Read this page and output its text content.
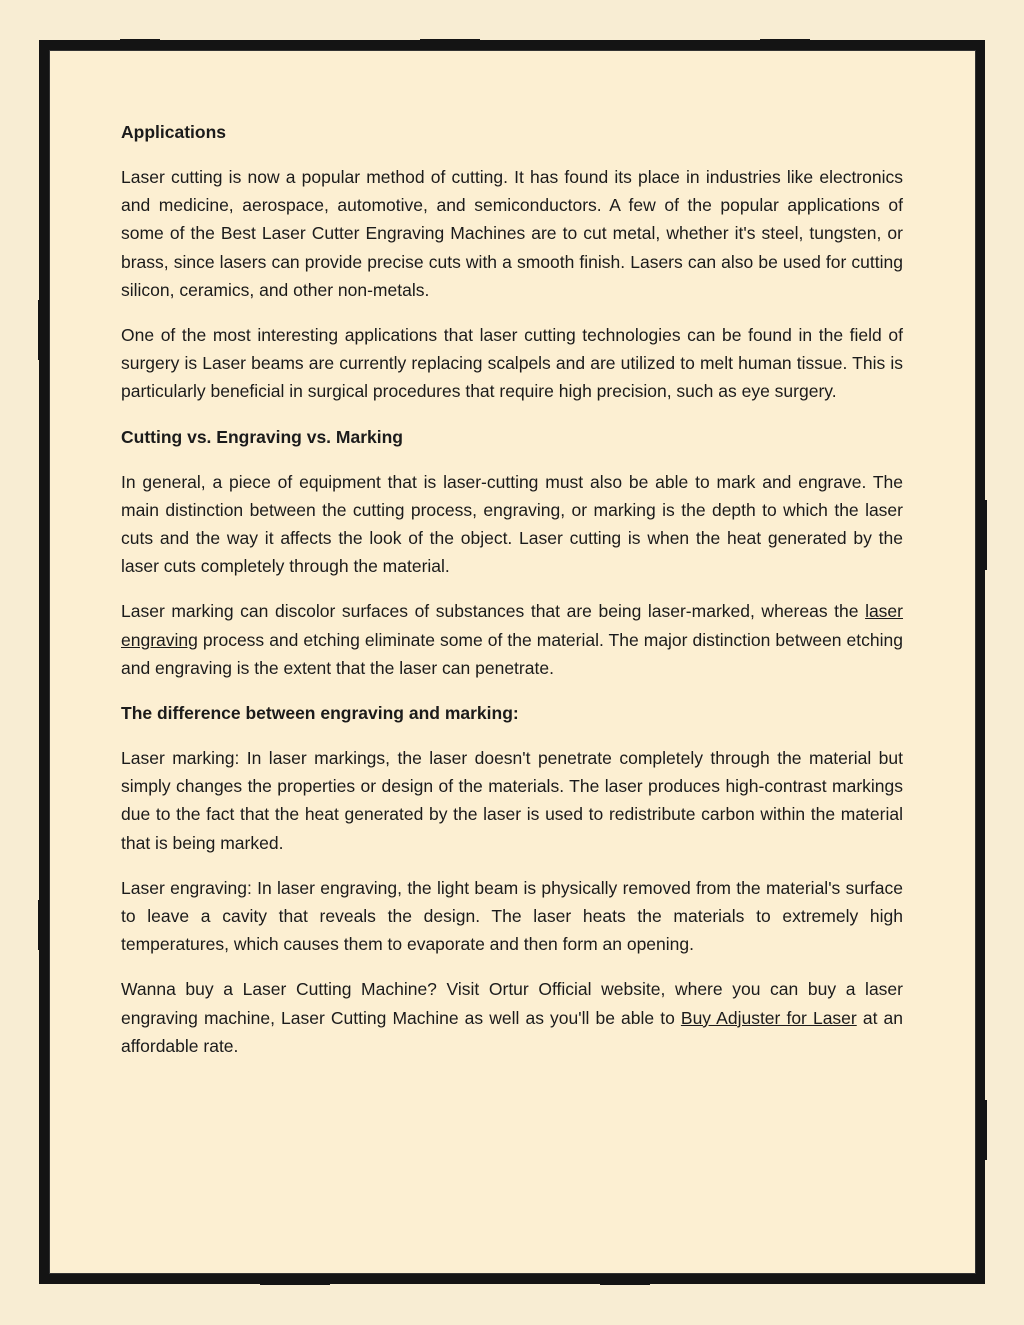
Applications

Laser cutting is now a popular method of cutting. It has found its place in industries like electronics and medicine, aerospace, automotive, and semiconductors. A few of the popular applications of some of the Best Laser Cutter Engraving Machines are to cut metal, whether it's steel, tungsten, or brass, since lasers can provide precise cuts with a smooth finish. Lasers can also be used for cutting silicon, ceramics, and other non-metals.

One of the most interesting applications that laser cutting technologies can be found in the field of surgery is Laser beams are currently replacing scalpels and are utilized to melt human tissue. This is particularly beneficial in surgical procedures that require high precision, such as eye surgery.

Cutting vs. Engraving vs. Marking

In general, a piece of equipment that is laser-cutting must also be able to mark and engrave. The main distinction between the cutting process, engraving, or marking is the depth to which the laser cuts and the way it affects the look of the object. Laser cutting is when the heat generated by the laser cuts completely through the material.

Laser marking can discolor surfaces of substances that are being laser-marked, whereas the laser engraving process and etching eliminate some of the material. The major distinction between etching and engraving is the extent that the laser can penetrate.

The difference between engraving and marking:

Laser marking: In laser markings, the laser doesn't penetrate completely through the material but simply changes the properties or design of the materials. The laser produces high-contrast markings due to the fact that the heat generated by the laser is used to redistribute carbon within the material that is being marked.

Laser engraving: In laser engraving, the light beam is physically removed from the material's surface to leave a cavity that reveals the design. The laser heats the materials to extremely high temperatures, which causes them to evaporate and then form an opening.

Wanna buy a Laser Cutting Machine? Visit Ortur Official website, where you can buy a laser engraving machine, Laser Cutting Machine as well as you'll be able to Buy Adjuster for Laser at an affordable rate.
